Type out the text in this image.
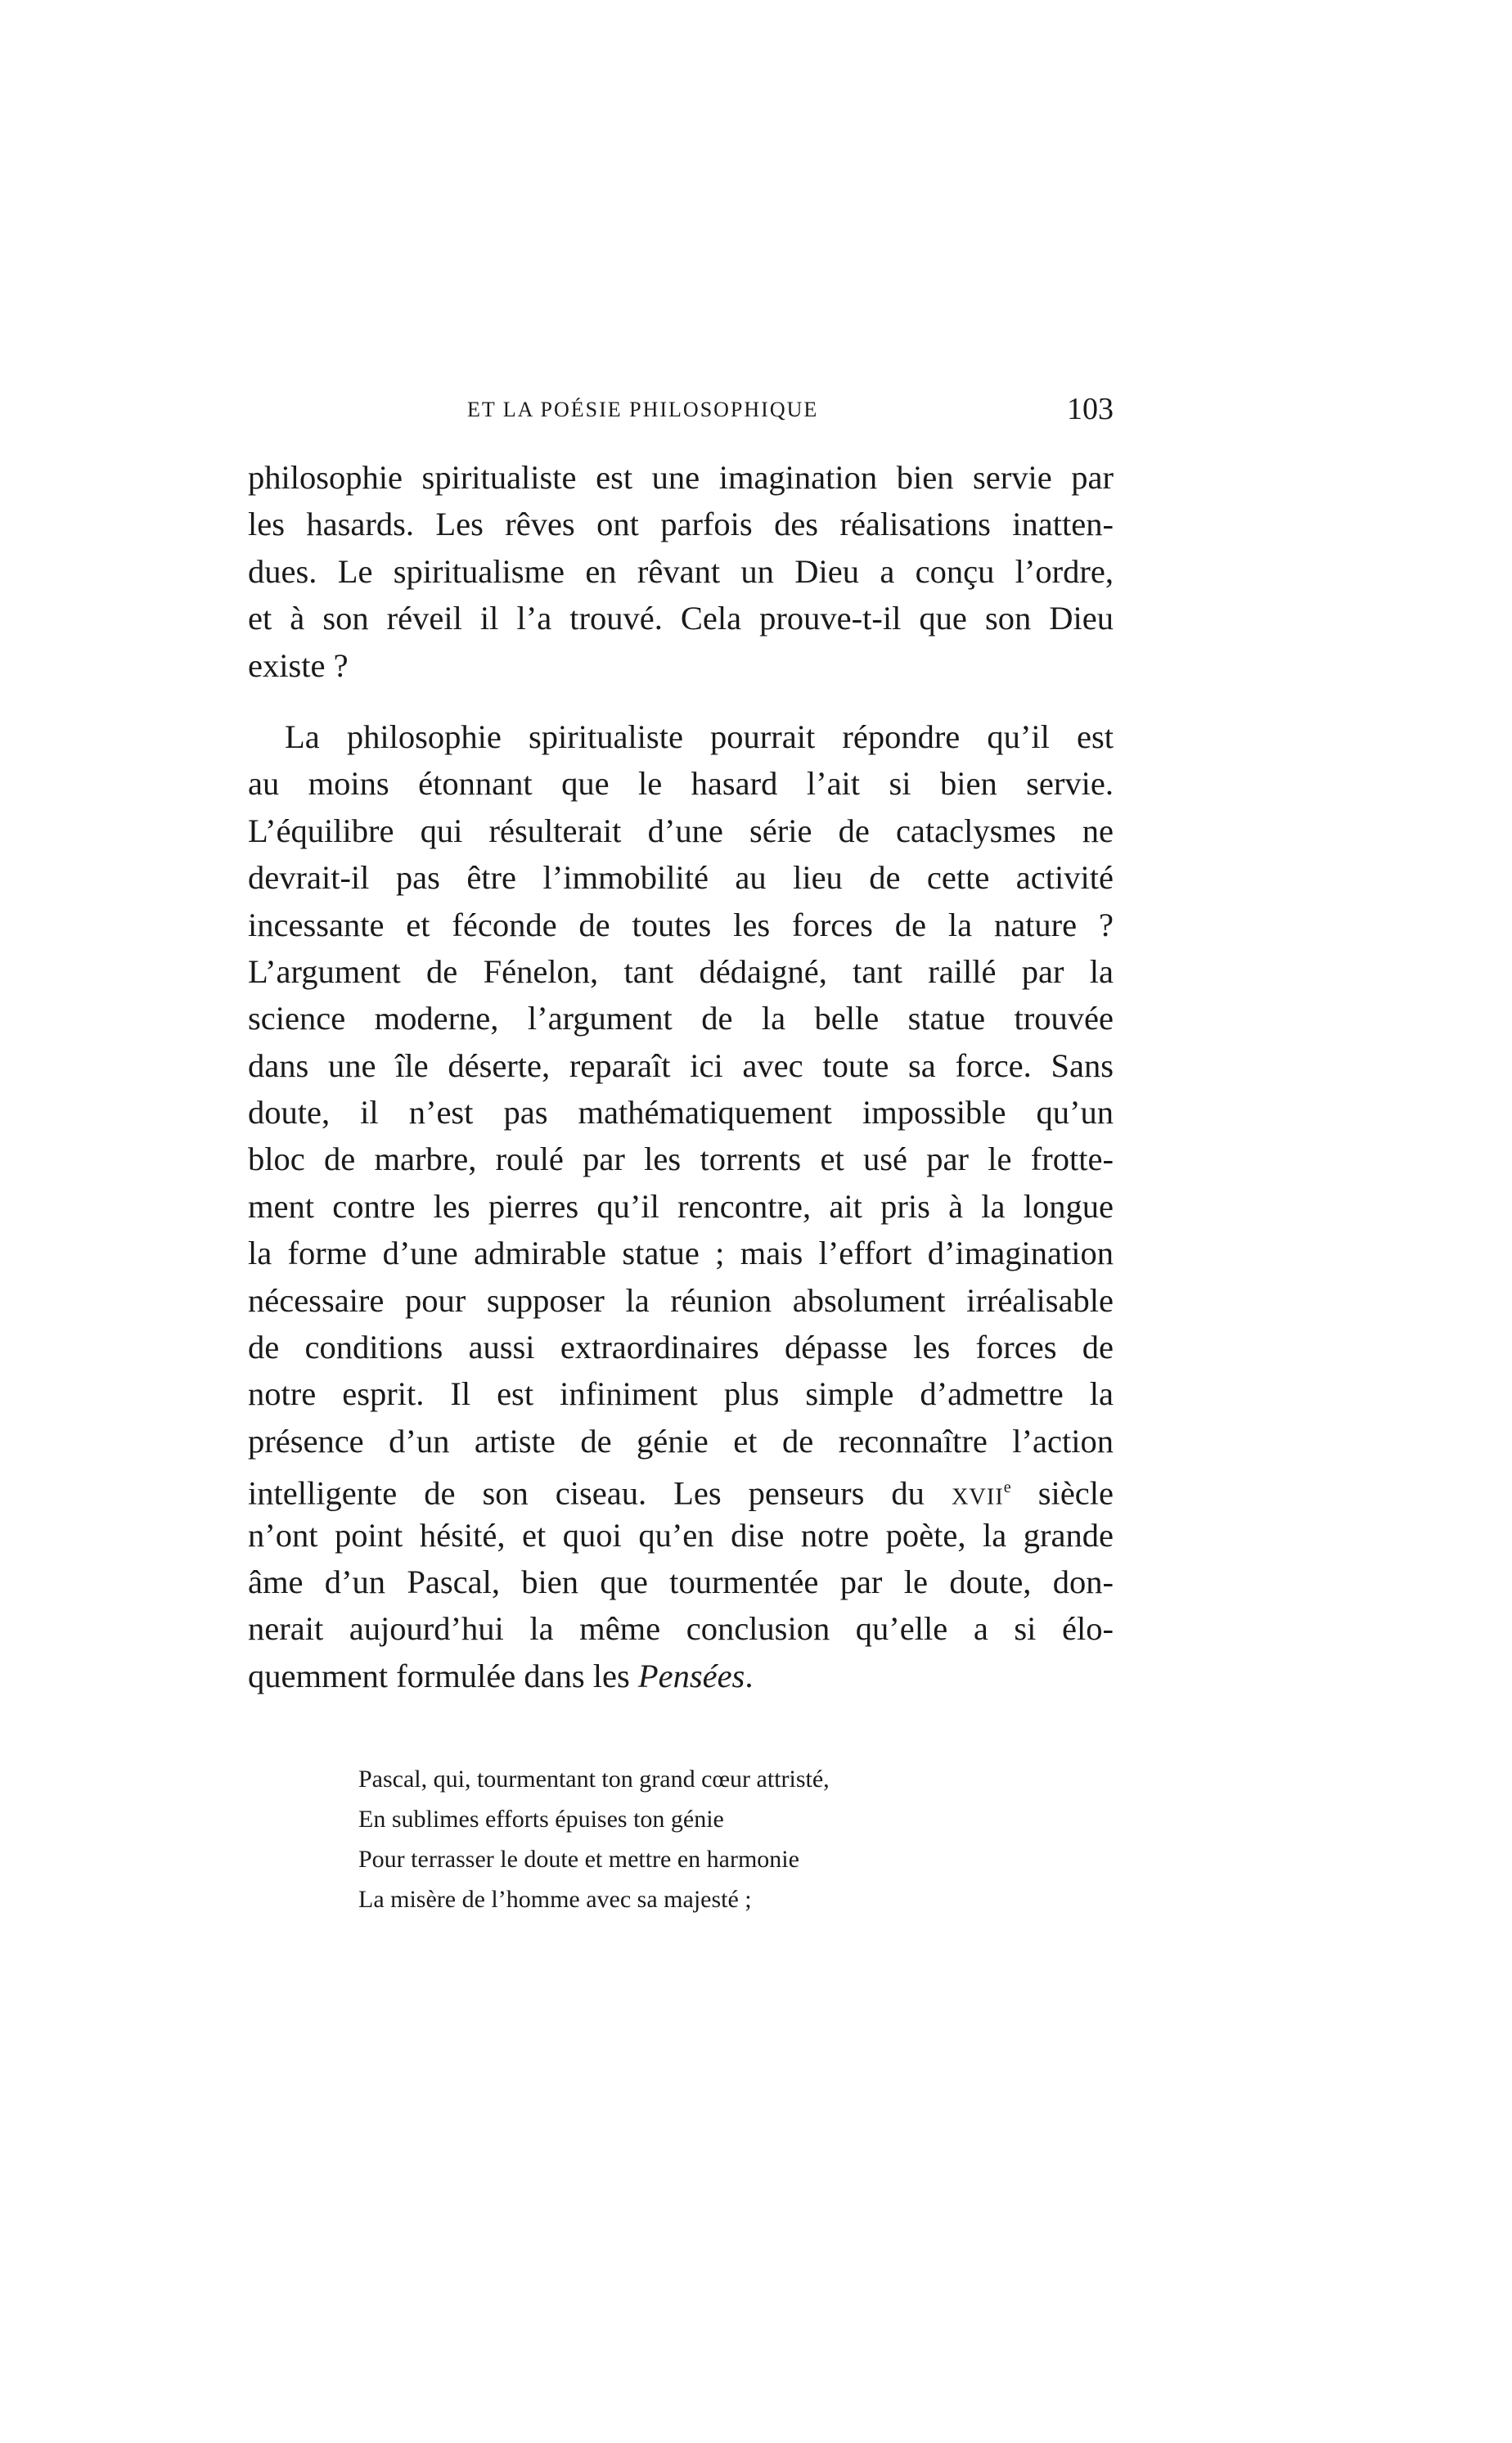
ET LA POÉSIE PHILOSOPHIQUE	103
philosophie spiritualiste est une imagination bien servie par
les hasards. Les rêves ont parfois des réalisations inatten-
dues. Le spiritualisme en rêvant un Dieu a conçu l’ordre,
et à son réveil il l’a trouvé. Cela prouve-t-il que son Dieu
existe ?
La philosophie spiritualiste pourrait répondre qu’il est
au moins étonnant que le hasard l’ait si bien servie.
L’équilibre qui résulterait d’une série de cataclysmes ne
devrait-il pas être l’immobilité au lieu de cette activité
incessante et féconde de toutes les forces de la nature ?
L’argument de Fénelon, tant dédaigné, tant raillé par la
science moderne, l’argument de la belle statue trouvée
dans une île déserte, reparaît ici avec toute sa force. Sans
doute, il n’est pas mathématiquement impossible qu’un
bloc de marbre, roulé par les torrents et usé par le frotte-
ment contre les pierres qu’il rencontre, ait pris à la longue
la forme d’une admirable statue ; mais l’effort d’imagination
nécessaire pour supposer la réunion absolument irréalisable
de conditions aussi extraordinaires dépasse les forces de
notre esprit. Il est infiniment plus simple d’admettre la
présence d’un artiste de génie et de reconnaître l’action
intelligente de son ciseau. Les penseurs du XVIIe siècle
n’ont point hésité, et quoi qu’en dise notre poète, la grande
âme d’un Pascal, bien que tourmentée par le doute, don-
nerait aujourd’hui la même conclusion qu’elle a si élo-
quemment formulée dans les Pensées.
Pascal, qui, tourmentant ton grand cœur attristé,
En sublimes efforts épuises ton génie
Pour terrasser le doute et mettre en harmonie
La misère de l’homme avec sa majesté ;
